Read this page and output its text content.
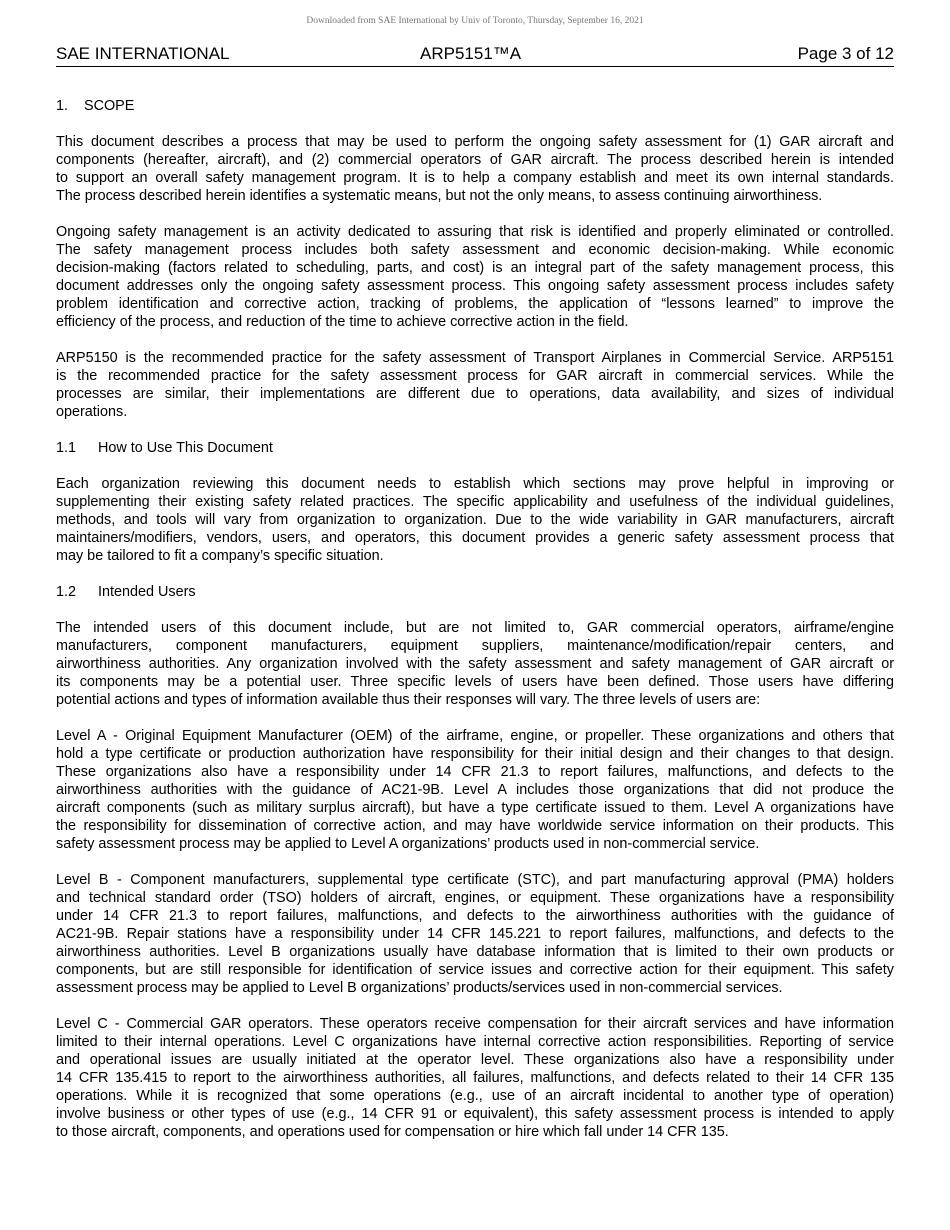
Downloaded from SAE International by Univ of Toronto, Thursday, September 16, 2021
SAE INTERNATIONAL	ARP5151™A	Page 3 of 12
1. SCOPE
This document describes a process that may be used to perform the ongoing safety assessment for (1) GAR aircraft and
components (hereafter, aircraft), and (2) commercial operators of GAR aircraft. The process described herein is intended
to support an overall safety management program. It is to help a company establish and meet its own internal standards.
The process described herein identifies a systematic means, but not the only means, to assess continuing airworthiness.
Ongoing safety management is an activity dedicated to assuring that risk is identified and properly eliminated or controlled.
The safety management process includes both safety assessment and economic decision-making. While economic
decision-making (factors related to scheduling, parts, and cost) is an integral part of the safety management process, this
document addresses only the ongoing safety assessment process. This ongoing safety assessment process includes safety
problem identification and corrective action, tracking of problems, the application of “lessons learned” to improve the
efficiency of the process, and reduction of the time to achieve corrective action in the field.
ARP5150 is the recommended practice for the safety assessment of Transport Airplanes in Commercial Service. ARP5151
is the recommended practice for the safety assessment process for GAR aircraft in commercial services. While the
processes are similar, their implementations are different due to operations, data availability, and sizes of individual
operations.
1.1 How to Use This Document
Each organization reviewing this document needs to establish which sections may prove helpful in improving or
supplementing their existing safety related practices. The specific applicability and usefulness of the individual guidelines,
methods, and tools will vary from organization to organization. Due to the wide variability in GAR manufacturers, aircraft
maintainers/modifiers, vendors, users, and operators, this document provides a generic safety assessment process that
may be tailored to fit a company’s specific situation.
1.2 Intended Users
The intended users of this document include, but are not limited to, GAR commercial operators, airframe/engine
manufacturers, component manufacturers, equipment suppliers, maintenance/modification/repair centers, and
airworthiness authorities. Any organization involved with the safety assessment and safety management of GAR aircraft or
its components may be a potential user. Three specific levels of users have been defined. Those users have differing
potential actions and types of information available thus their responses will vary. The three levels of users are:
Level A - Original Equipment Manufacturer (OEM) of the airframe, engine, or propeller. These organizations and others that
hold a type certificate or production authorization have responsibility for their initial design and their changes to that design.
These organizations also have a responsibility under 14 CFR 21.3 to report failures, malfunctions, and defects to the
airworthiness authorities with the guidance of AC21-9B. Level A includes those organizations that did not produce the
aircraft components (such as military surplus aircraft), but have a type certificate issued to them. Level A organizations have
the responsibility for dissemination of corrective action, and may have worldwide service information on their products. This
safety assessment process may be applied to Level A organizations’ products used in non-commercial service.
Level B - Component manufacturers, supplemental type certificate (STC), and part manufacturing approval (PMA) holders
and technical standard order (TSO) holders of aircraft, engines, or equipment. These organizations have a responsibility
under 14 CFR 21.3 to report failures, malfunctions, and defects to the airworthiness authorities with the guidance of
AC21-9B. Repair stations have a responsibility under 14 CFR 145.221 to report failures, malfunctions, and defects to the
airworthiness authorities. Level B organizations usually have database information that is limited to their own products or
components, but are still responsible for identification of service issues and corrective action for their equipment. This safety
assessment process may be applied to Level B organizations’ products/services used in non-commercial services.
Level C - Commercial GAR operators. These operators receive compensation for their aircraft services and have information
limited to their internal operations. Level C organizations have internal corrective action responsibilities. Reporting of service
and operational issues are usually initiated at the operator level. These organizations also have a responsibility under
14 CFR 135.415 to report to the airworthiness authorities, all failures, malfunctions, and defects related to their 14 CFR 135
operations. While it is recognized that some operations (e.g., use of an aircraft incidental to another type of operation)
involve business or other types of use (e.g., 14 CFR 91 or equivalent), this safety assessment process is intended to apply
to those aircraft, components, and operations used for compensation or hire which fall under 14 CFR 135.
